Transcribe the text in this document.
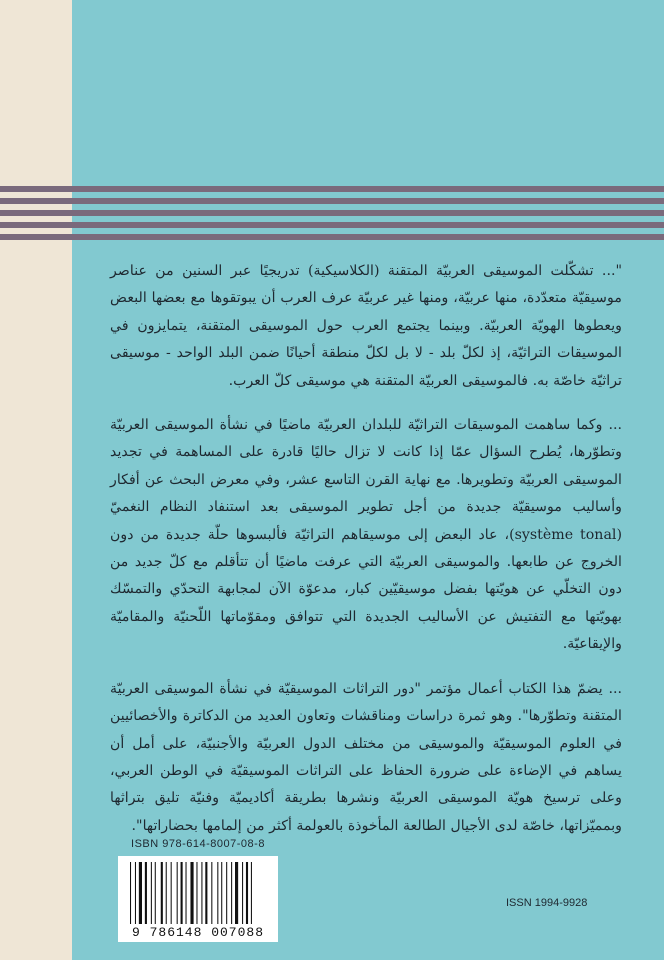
"... تشكّلت الموسيقى العربيّة المتقنة (الكلاسيكية) تدريجيًا عبر السنين من عناصر موسيقيّة متعدّدة، منها عربيّة، ومنها غير عربيّة عرف العرب أن يبوتقوها مع بعضها البعض ويعطوها الهويّة العربيّة. وبينما يجتمع العرب حول الموسيقى المتقنة، يتمايزون في الموسيقات التراثيّة، إذ لكلّ بلد - لا بل لكلّ منطقة أحيانًا ضمن البلد الواحد - موسيقى تراثيّة خاصّة به. فالموسيقى العربيّة المتقنة هي موسيقى كلّ العرب.

... وكما ساهمت الموسيقات التراثيّة للبلدان العربيّة ماضيًا في نشأة الموسيقى العربيّة وتطوّرها، يُطرح السؤال عمّا إذا كانت لا تزال حاليًا قادرة على المساهمة في تجديد الموسيقى العربيّة وتطويرها. مع نهاية القرن التاسع عشر، وفي معرض البحث عن أفكار وأساليب موسيقيّة جديدة من أجل تطوير الموسيقى بعد استنفاد النظام النغميّ (système tonal)، عاد البعض إلى موسيقاهم التراثيّة فألبسوها حلّة جديدة من دون الخروج عن طابعها. والموسيقى العربيّة التي عرفت ماضيًا أن تتأقلم مع كلّ جديد من دون التخلّي عن هويّتها بفضل موسيقيّين كبار، مدعوّة الآن لمجابهة التحدّي والتمسّك بهويّتها مع التفتيش عن الأساليب الجديدة التي تتوافق ومقوّماتها اللّحنيّة والمقاميّة والإيقاعيّة.

... يضمّ هذا الكتاب أعمال مؤتمر "دور التراثات الموسيقيّة في نشأة الموسيقى العربيّة المتقنة وتطوّرها". وهو ثمرة دراسات ومناقشات وتعاون العديد من الدكاترة والأخصائيين في العلوم الموسيقيّة والموسيقى من مختلف الدول العربيّة والأجنبيّة، على أمل أن يساهم في الإضاءة على ضرورة الحفاظ على التراثات الموسيقيّة في الوطن العربي، وعلى ترسيخ هويّة الموسيقى العربيّة ونشرها بطريقة أكاديميّة وفنيّة تليق بتراثها وبمميّزاتها، خاصّة لدى الأجيال الطالعة المأخوذة بالعولمة أكثر من إلمامها بحضاراتها".

ISBN 978-614-8007-08-8
9 786148 007088
ISSN 1994-9928
